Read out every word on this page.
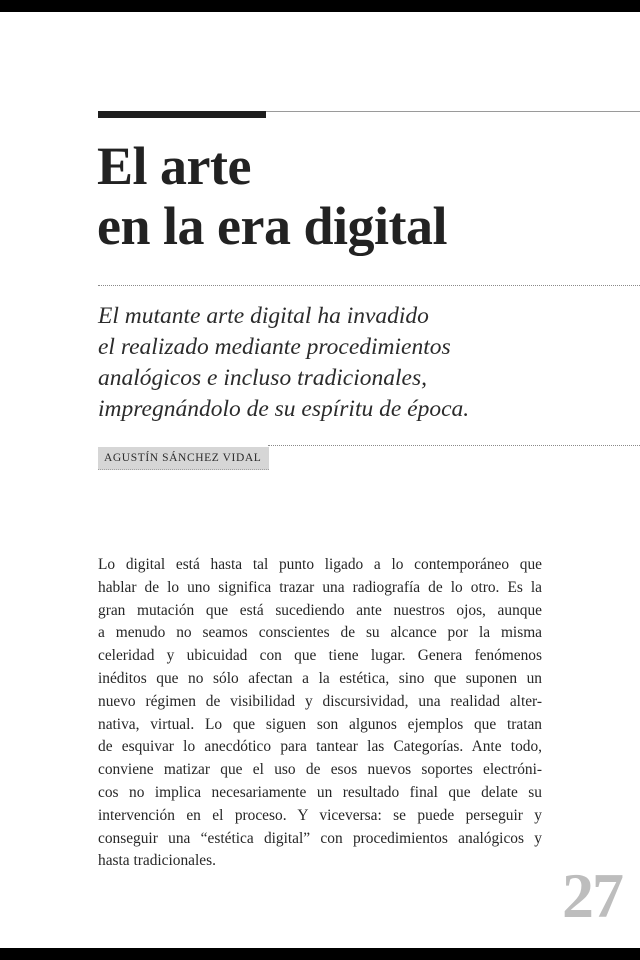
El arte
en la era digital

El mutante arte digital ha invadido
el realizado mediante procedimientos
analógicos e incluso tradicionales,
impregnándolo de su espíritu de época.

AGUSTÍN SÁNCHEZ VIDAL

Lo digital está hasta tal punto ligado a lo contemporáneo que
hablar de lo uno significa trazar una radiografía de lo otro. Es la
gran mutación que está sucediendo ante nuestros ojos, aunque
a menudo no seamos conscientes de su alcance por la misma
celeridad y ubicuidad con que tiene lugar. Genera fenómenos
inéditos que no sólo afectan a la estética, sino que suponen un
nuevo régimen de visibilidad y discursividad, una realidad alter-
nativa, virtual. Lo que siguen son algunos ejemplos que tratan
de esquivar lo anecdótico para tantear las Categorías. Ante todo,
conviene matizar que el uso de esos nuevos soportes electróni-
cos no implica necesariamente un resultado final que delate su
intervención en el proceso. Y viceversa: se puede perseguir y
conseguir una “estética digital” con procedimientos analógicos y
hasta tradicionales.	27
